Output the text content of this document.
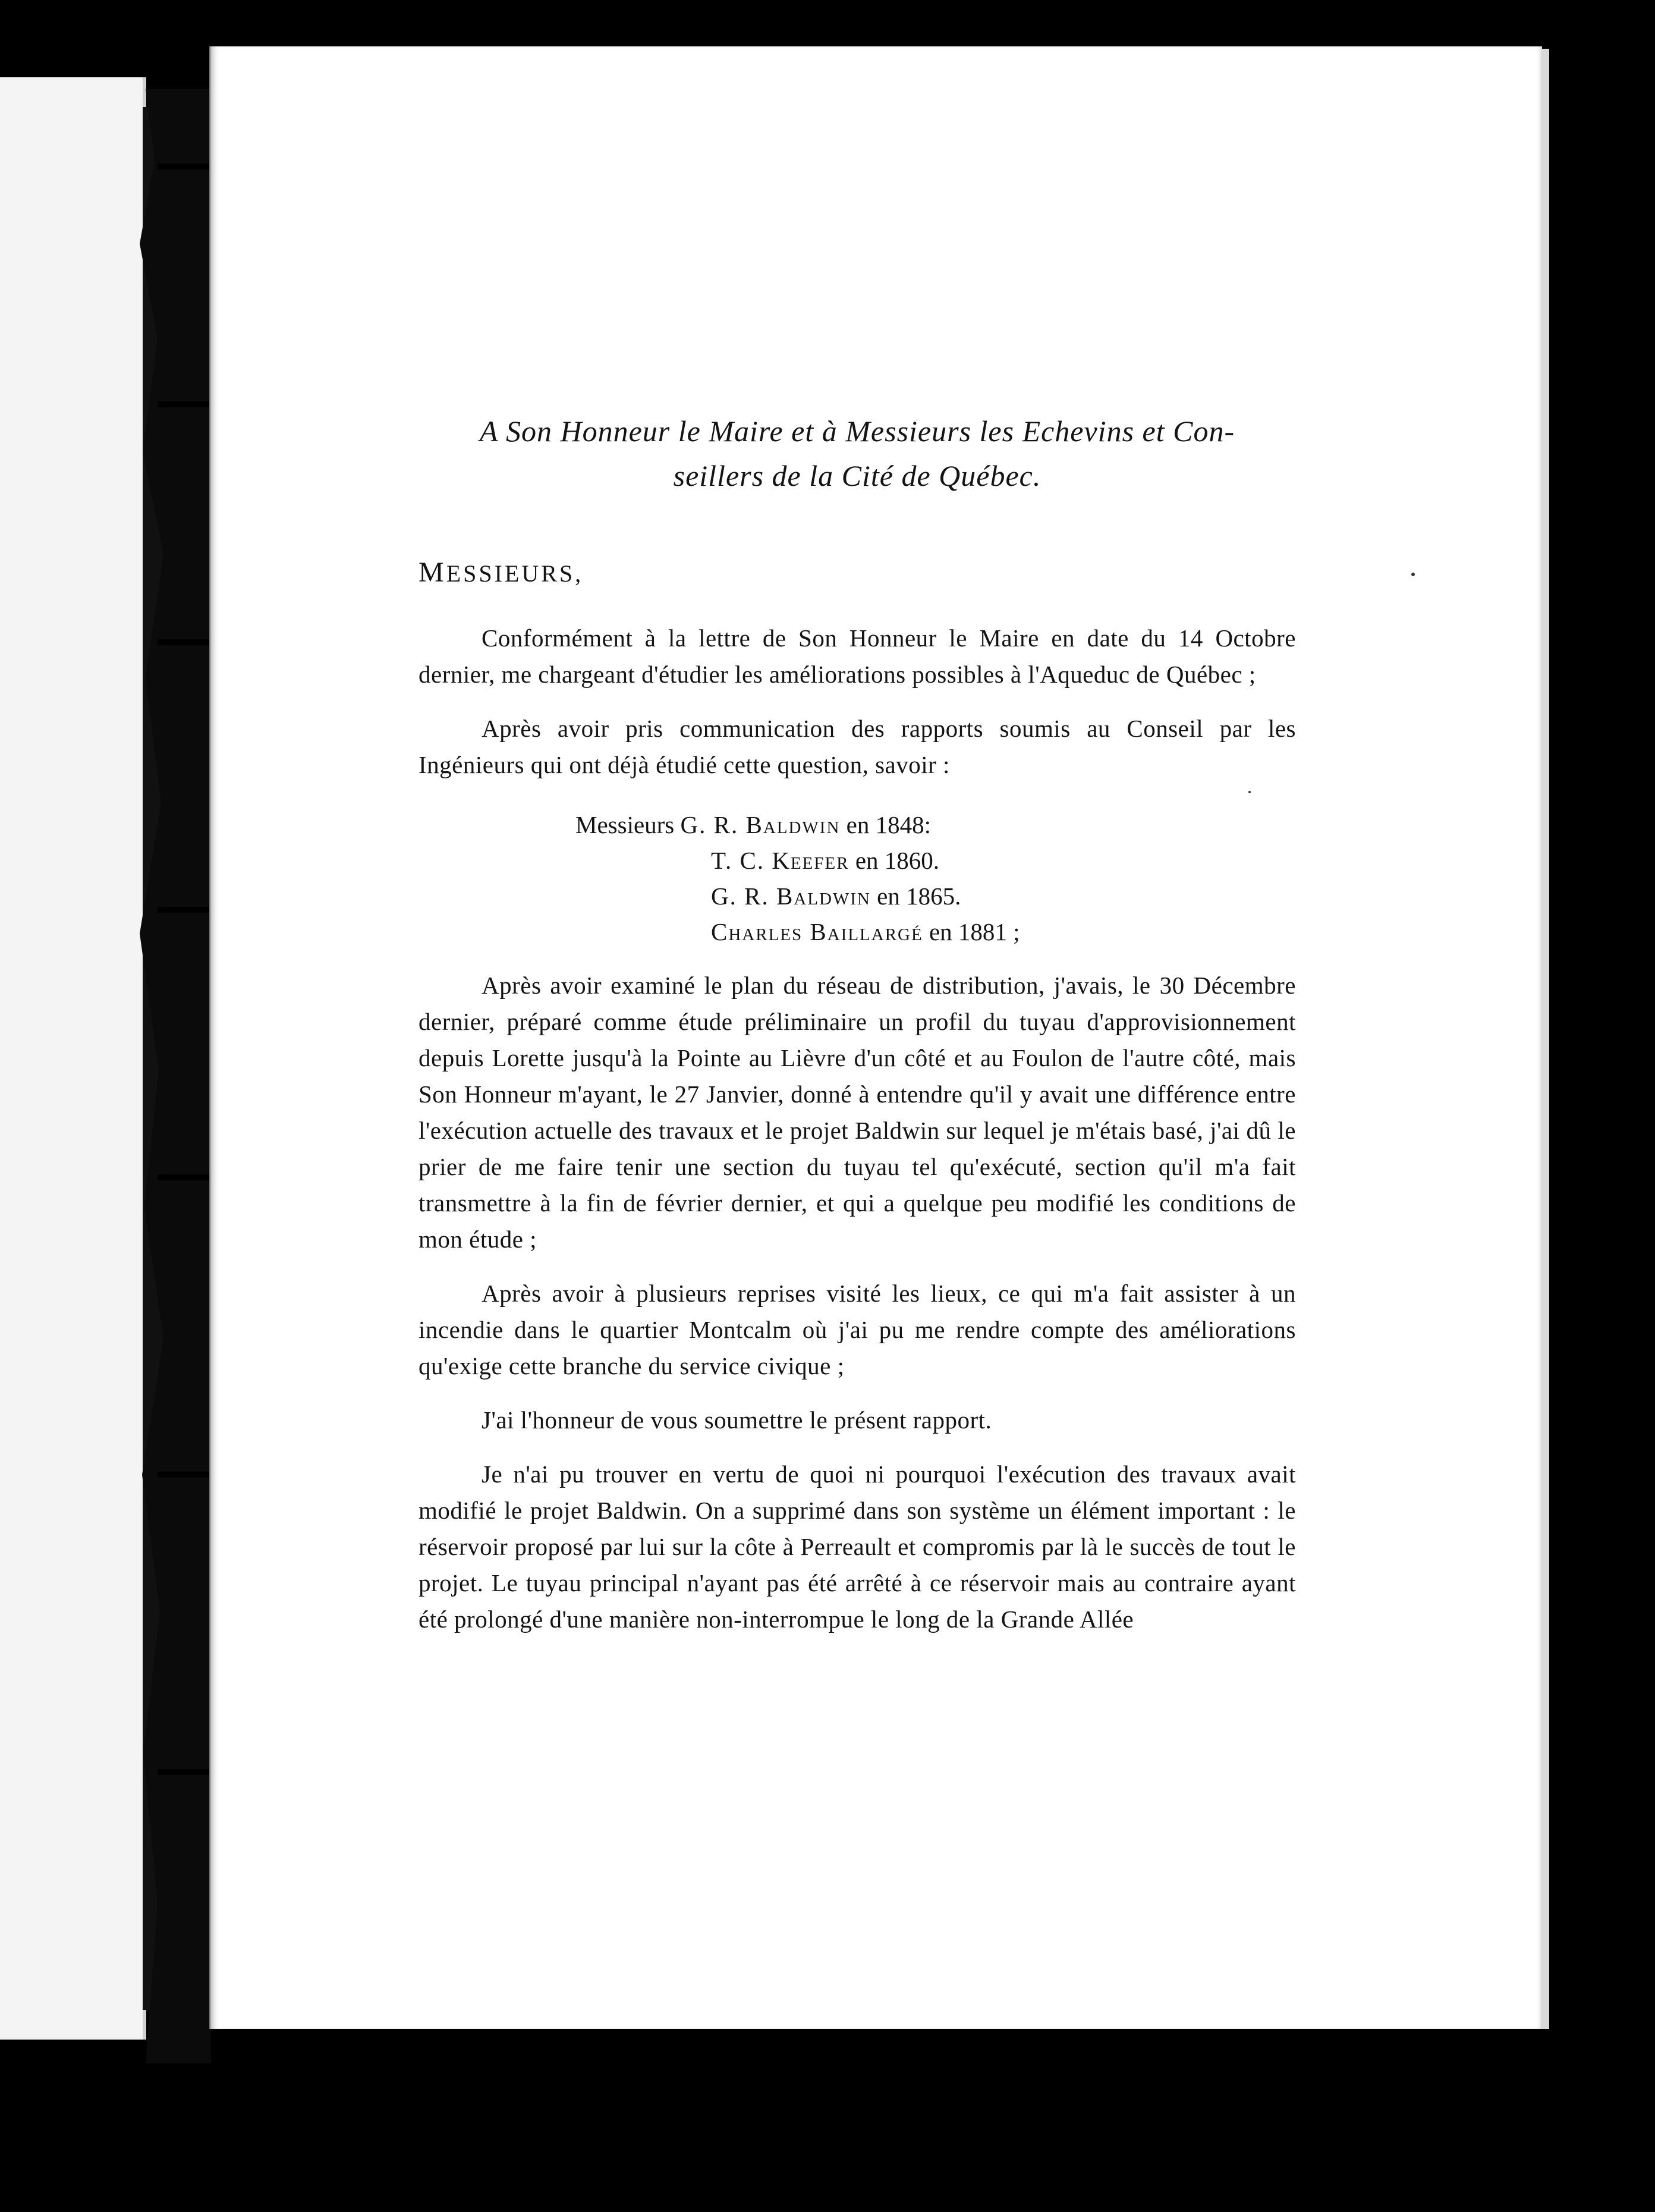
A Son Honneur le Maire et à Messieurs les Echevins et Con-
seillers de la Cité de Québec.
MESSIEURS,

Conformément à la lettre de Son Honneur le Maire en date du 14 Octobre dernier, me chargeant d'étudier les améliorations possibles à l'Aqueduc de Québec ;

Après avoir pris communication des rapports soumis au Conseil par les Ingénieurs qui ont déjà étudié cette question, savoir :

Messieurs G. R. Baldwin en 1848:
T. C. Keefer en 1860.
G. R. Baldwin en 1865.
Charles Baillargé en 1881 ;

Après avoir examiné le plan du réseau de distribution, j'avais, le 30 Décembre dernier, préparé comme étude préliminaire un profil du tuyau d'approvisionnement depuis Lorette jusqu'à la Pointe au Lièvre d'un côté et au Foulon de l'autre côté, mais Son Honneur m'ayant, le 27 Janvier, donné à entendre qu'il y avait une différence entre l'exécution actuelle des travaux et le projet Baldwin sur lequel je m'étais basé, j'ai dû le prier de me faire tenir une section du tuyau tel qu'exécuté, section qu'il m'a fait transmettre à la fin de février dernier, et qui a quelque peu modifié les conditions de mon étude ;

Après avoir à plusieurs reprises visité les lieux, ce qui m'a fait assister à un incendie dans le quartier Montcalm où j'ai pu me rendre compte des améliorations qu'exige cette branche du service civique ;

J'ai l'honneur de vous soumettre le présent rapport.

Je n'ai pu trouver en vertu de quoi ni pourquoi l'exécution des travaux avait modifié le projet Baldwin. On a supprimé dans son système un élément important : le réservoir proposé par lui sur la côte à Perreault et compromis par là le succès de tout le projet. Le tuyau principal n'ayant pas été arrêté à ce réservoir mais au contraire ayant été prolongé d'une manière non-interrompue le long de la Grande Allée
